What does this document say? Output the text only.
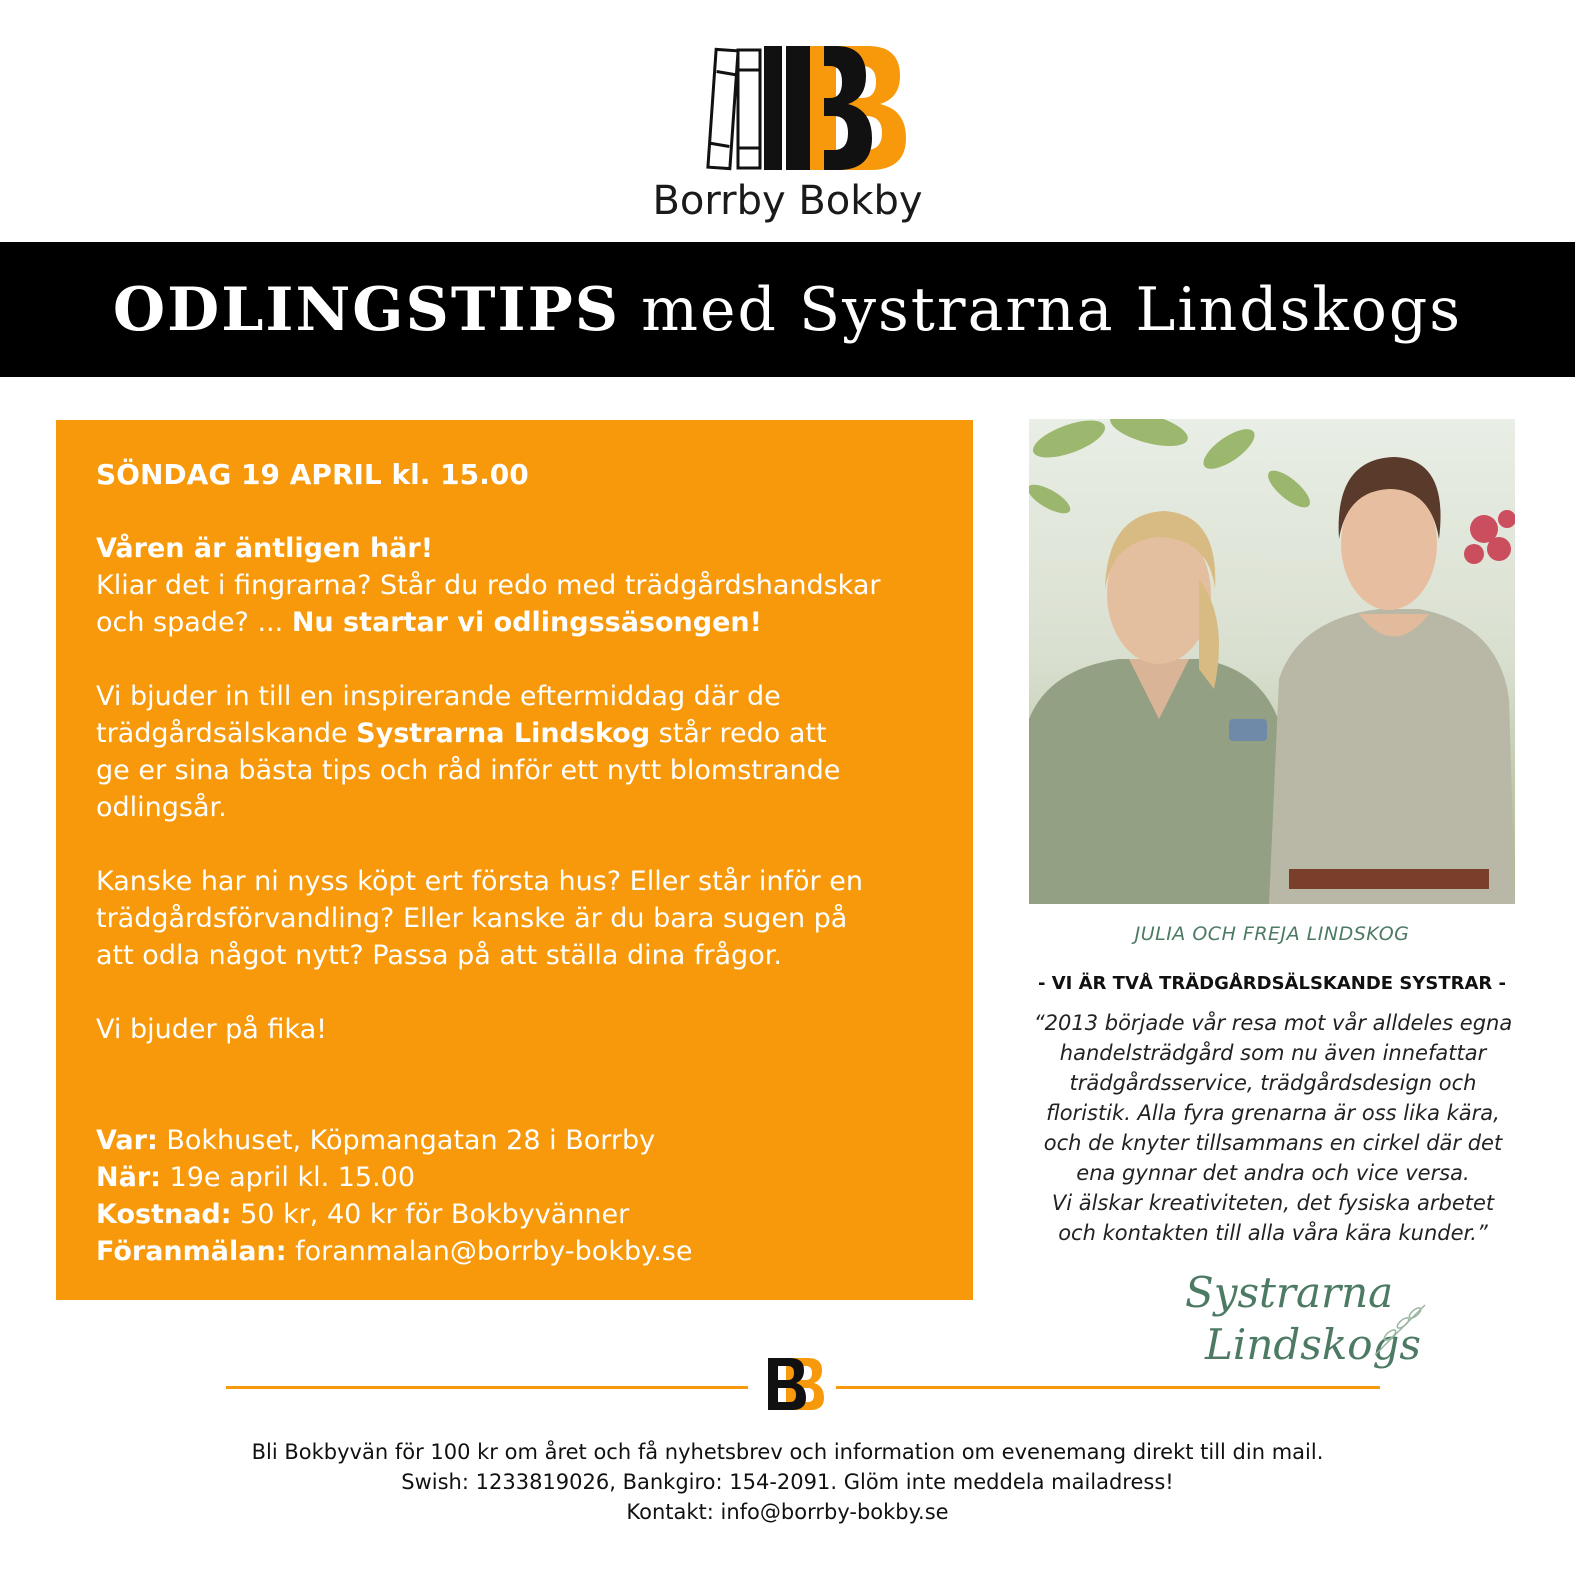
Borrby Bokby
ODLINGSTIPS med Systrarna Lindskogs

SÖNDAG 19 APRIL kl. 15.00

Våren är äntligen här!

Kliar det i fingrarna? Står du redo med trädgårdshandskar

och spade? ... Nu startar vi odlingssäsongen!

Vi bjuder in till en inspirerande eftermiddag där de

trädgårdsälskande Systrarna Lindskog står redo att

ge er sina bästa tips och råd inför ett nytt blomstrande

odlingsår.

Kanske har ni nyss köpt ert första hus? Eller står inför en

trädgårdsförvandling? Eller kanske är du bara sugen på

att odla något nytt? Passa på att ställa dina frågor.

Vi bjuder på fika!

Var: Bokhuset, Köpmangatan 28 i Borrby

När: 19e april kl. 15.00

Kostnad: 50 kr, 40 kr för Bokbyvänner

Föranmälan: foranmalan@borrby-bokby.se

JULIA OCH FREJA LINDSKOG
- VI ÄR TVÅ TRÄDGÅRDSÄLSKANDE SYSTRAR -
“2013 började vår resa mot vår alldeles egna
handelsträdgård som nu även innefattar
trädgårdsservice, trädgårdsdesign och
floristik. Alla fyra grenarna är oss lika kära,
och de knyter tillsammans en cirkel där det
ena gynnar det andra och vice versa.
Vi älskar kreativiteten, det fysiska arbetet
och kontakten till alla våra kära kunder.”
Systrarna
Lindskogs
Bli Bokbyvän för 100 kr om året och få nyhetsbrev och information om evenemang direkt till din mail.
Swish: 1233819026, Bankgiro: 154-2091. Glöm inte meddela mailadress!
Kontakt: info@borrby-bokby.se
